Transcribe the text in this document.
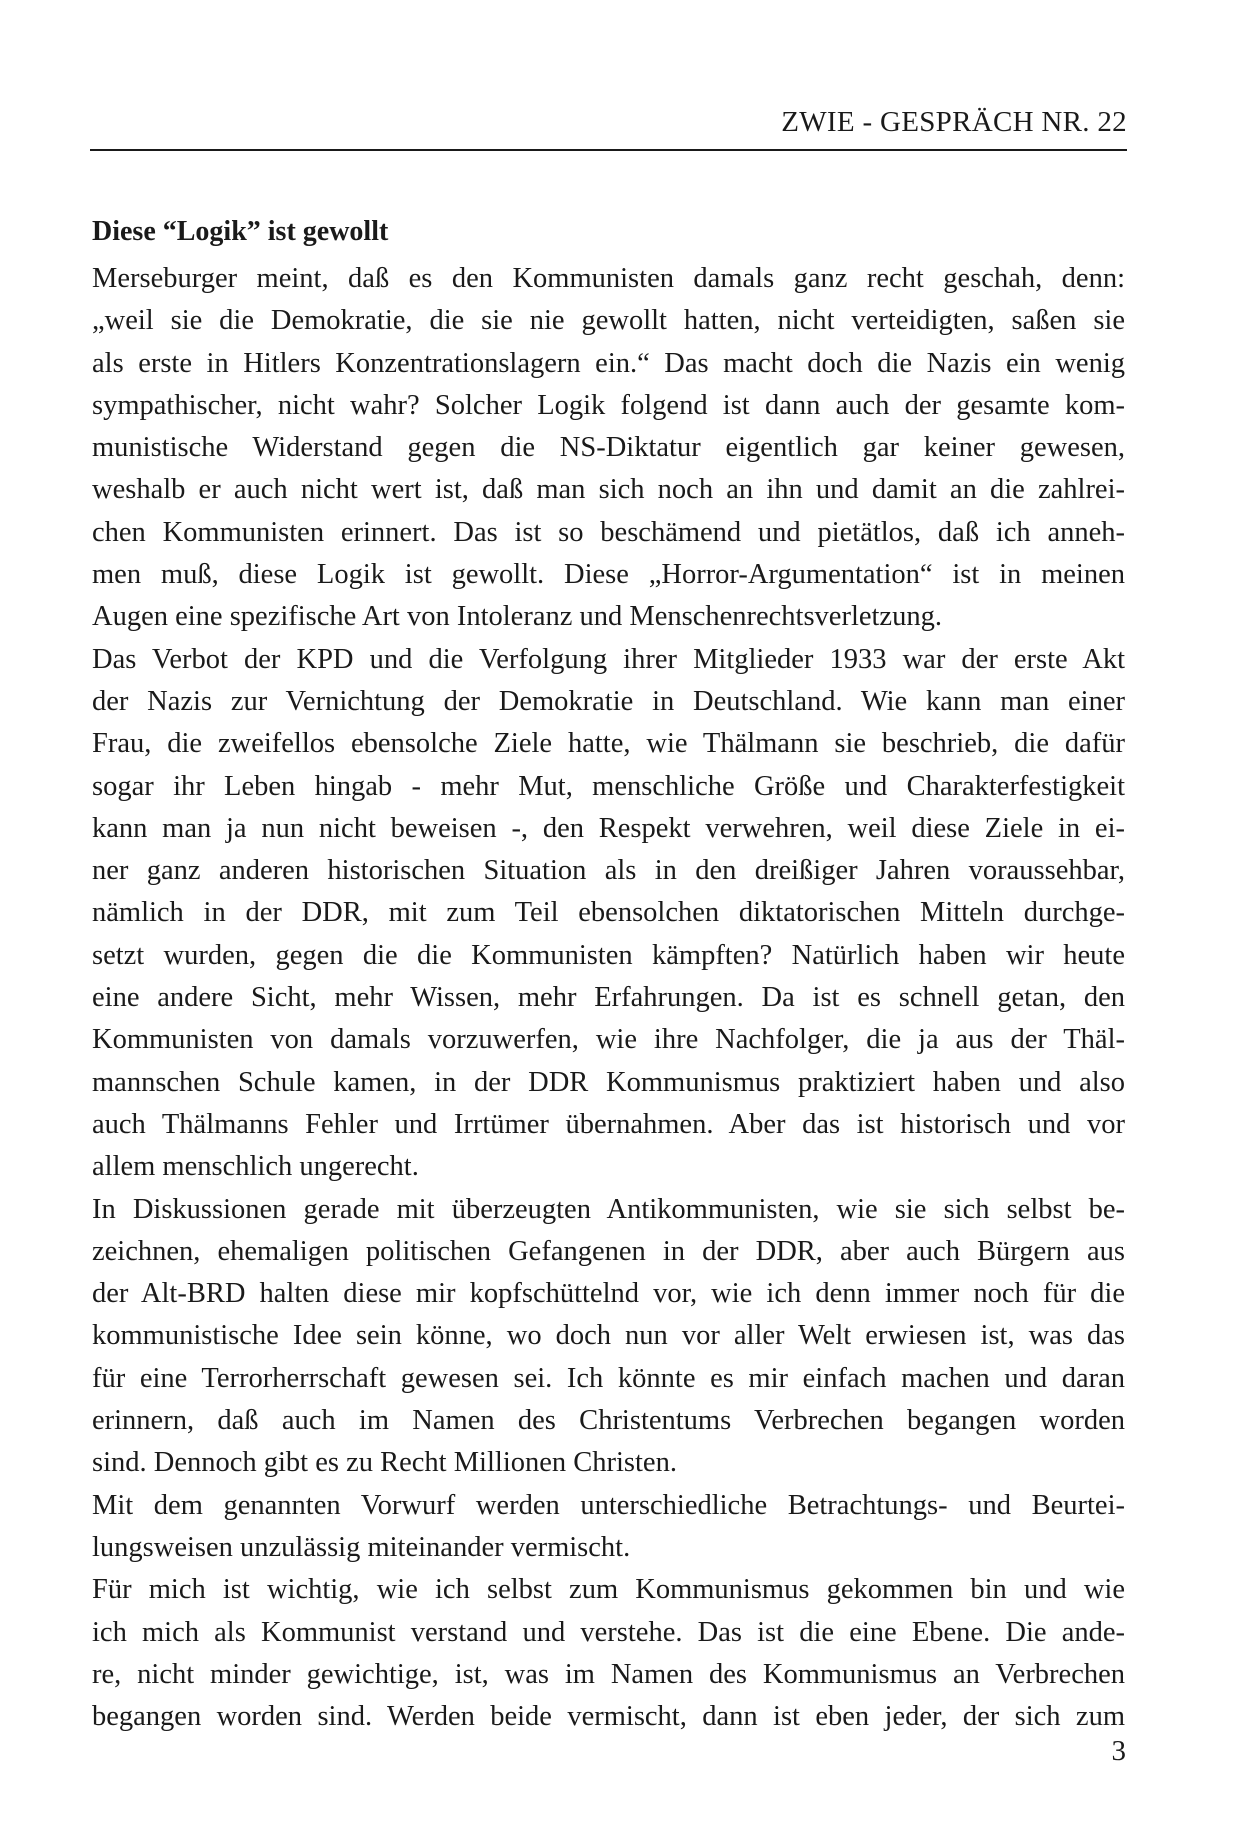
ZWIE - GESPRÄCH NR. 22
Diese “Logik” ist gewollt
Merseburger meint, daß es den Kommunisten damals ganz recht geschah, denn:
„weil sie die Demokratie, die sie nie gewollt hatten, nicht verteidigten, saßen sie
als erste in Hitlers Konzentrationslagern ein.“ Das macht doch die Nazis ein wenig
sympathischer, nicht wahr? Solcher Logik folgend ist dann auch der gesamte kom-
munistische Widerstand gegen die NS-Diktatur eigentlich gar keiner gewesen,
weshalb er auch nicht wert ist, daß man sich noch an ihn und damit an die zahlrei-
chen Kommunisten erinnert. Das ist so beschämend und pietätlos, daß ich anneh-
men muß, diese Logik ist gewollt. Diese „Horror-Argumentation“ ist in meinen
Augen eine spezifische Art von Intoleranz und Menschenrechtsverletzung.
Das Verbot der KPD und die Verfolgung ihrer Mitglieder 1933 war der erste Akt
der Nazis zur Vernichtung der Demokratie in Deutschland. Wie kann man einer
Frau, die zweifellos ebensolche Ziele hatte, wie Thälmann sie beschrieb, die dafür
sogar ihr Leben hingab - mehr Mut, menschliche Größe und Charakterfestigkeit
kann man ja nun nicht beweisen -, den Respekt verwehren, weil diese Ziele in ei-
ner ganz anderen historischen Situation als in den dreißiger Jahren voraussehbar,
nämlich in der DDR, mit zum Teil ebensolchen diktatorischen Mitteln durchge-
setzt wurden, gegen die die Kommunisten kämpften? Natürlich haben wir heute
eine andere Sicht, mehr Wissen, mehr Erfahrungen. Da ist es schnell getan, den
Kommunisten von damals vorzuwerfen, wie ihre Nachfolger, die ja aus der Thäl-
mannschen Schule kamen, in der DDR Kommunismus praktiziert haben und also
auch Thälmanns Fehler und Irrtümer übernahmen. Aber das ist historisch und vor
allem menschlich ungerecht.
In Diskussionen gerade mit überzeugten Antikommunisten, wie sie sich selbst be-
zeichnen, ehemaligen politischen Gefangenen in der DDR, aber auch Bürgern aus
der Alt-BRD halten diese mir kopfschüttelnd vor, wie ich denn immer noch für die
kommunistische Idee sein könne, wo doch nun vor aller Welt erwiesen ist, was das
für eine Terrorherrschaft gewesen sei. Ich könnte es mir einfach machen und daran
erinnern, daß auch im Namen des Christentums Verbrechen begangen worden
sind. Dennoch gibt es zu Recht Millionen Christen.
Mit dem genannten Vorwurf werden unterschiedliche Betrachtungs- und Beurtei-
lungsweisen unzulässig miteinander vermischt.
Für mich ist wichtig, wie ich selbst zum Kommunismus gekommen bin und wie
ich mich als Kommunist verstand und verstehe. Das ist die eine Ebene. Die ande-
re, nicht minder gewichtige, ist, was im Namen des Kommunismus an Verbrechen
begangen worden sind. Werden beide vermischt, dann ist eben jeder, der sich zum
3
